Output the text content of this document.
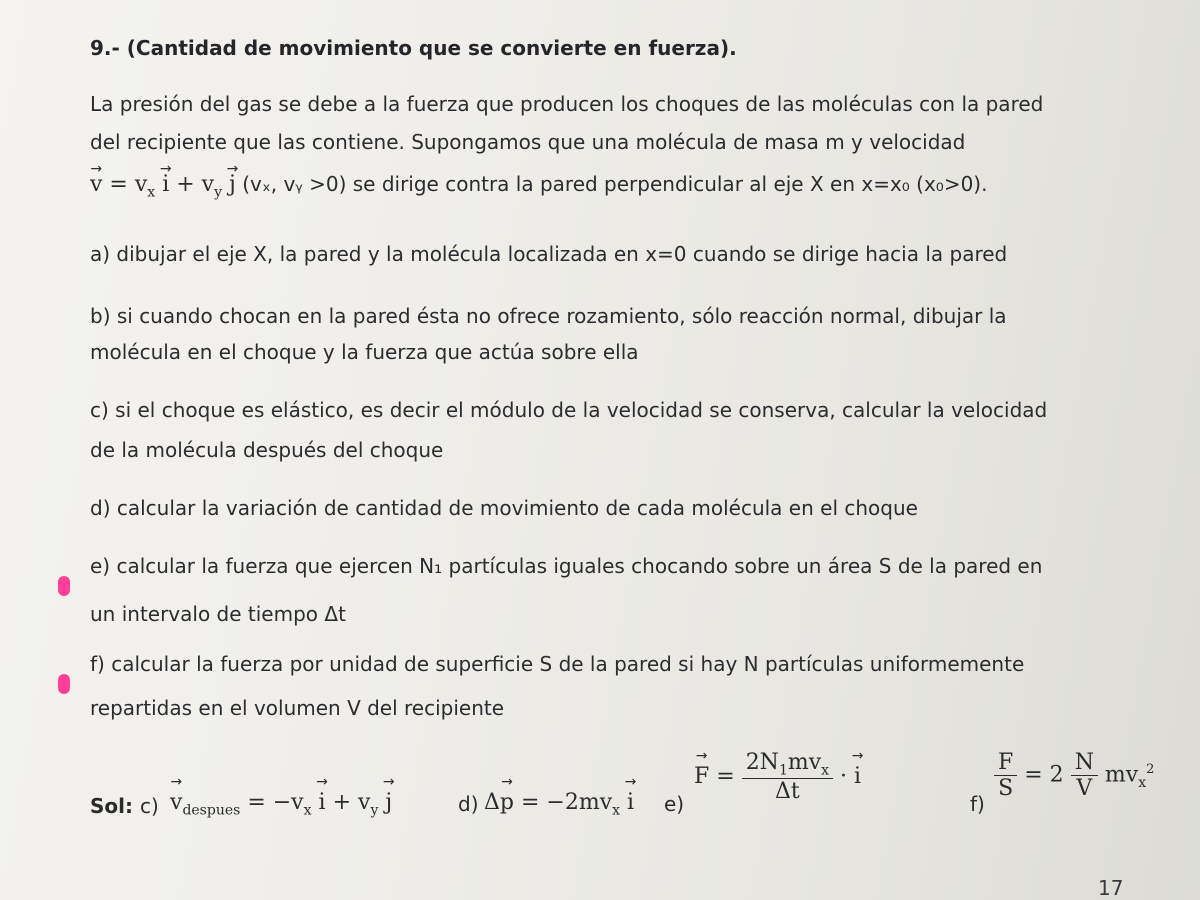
9.- (Cantidad de movimiento que se convierte en fuerza).
La presión del gas se debe a la fuerza que producen los choques de las moléculas con la pared
del recipiente que las contiene. Supongamos que una molécula de masa m y velocidad
→ $v = v_x \to i + v_y \to j$ (vₓ, vᵧ >0) se dirige contra la pared perpendicular al eje X en x=x₀ (x₀>0).
a) dibujar el eje X, la pared y la molécula localizada en x=0 cuando se dirige hacia la pared
b) si cuando chocan en la pared ésta no ofrece rozamiento, sólo reacción normal, dibujar la
molécula en el choque y la fuerza que actúa sobre ella
c) si el choque es elástico, es decir el módulo de la velocidad se conserva, calcular la velocidad
de la molécula después del choque
d) calcular la variación de cantidad de movimiento de cada molécula en el choque
e) calcular la fuerza que ejercen N₁ partículas iguales chocando sobre un área S de la pared en
un intervalo de tiempo Δt
f) calcular la fuerza por unidad de superficie S de la pared si hay N partículas uniformemente
repartidas en el volumen V del recipiente
Sol: c)
→ $v_{despues} = -v_x \to i + v_y \to j$	d) $\Delta\to p = -2mv_x \to i$ e)
→ $F = \frac{2N_1mv_x}{\Delta t}$ · → i
f)
$\frac{F}{S} = 2 \frac{N}{V} mv_x^2$
17
